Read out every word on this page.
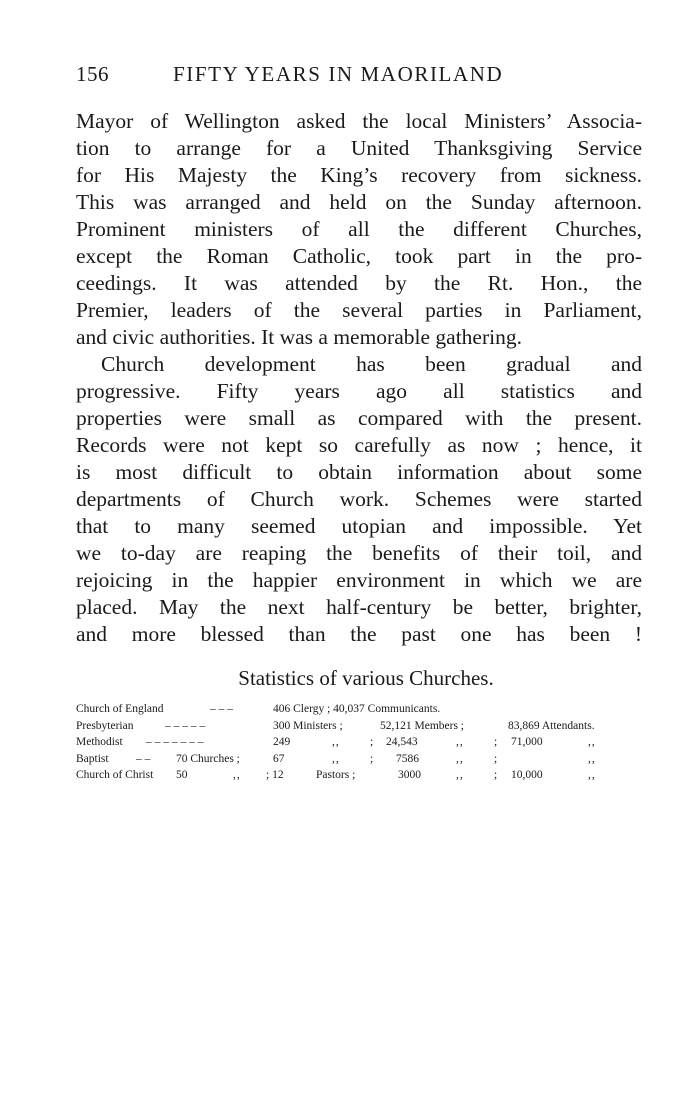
156	FIFTY YEARS IN MAORILAND
Mayor of Wellington asked the local Ministers’ Associa-
tion to arrange for a United Thanksgiving Service
for His Majesty the King’s recovery from sickness.
This was arranged and held on the Sunday afternoon.
Prominent ministers of all the different Churches,
except the Roman Catholic, took part in the pro-
ceedings. It was attended by the Rt. Hon., the
Premier, leaders of the several parties in Parliament,
and civic authorities. It was a memorable gathering.
Church development has been gradual and
progressive. Fifty years ago all statistics and
properties were small as compared with the present.
Records were not kept so carefully as now ; hence, it
is most difficult to obtain information about some
departments of Church work. Schemes were started
that to many seemed utopian and impossible. Yet
we to-day are reaping the benefits of their toil, and
rejoicing in the happier environment in which we are
placed. May the next half-century be better, brighter,
and more blessed than the past one has been !
Statistics of various Churches.
Church of England	– – –	406 Clergy ; 40,037 Communicants.
Presbyterian	– – – – –	300 Ministers ;	52,121 Members ;	83,869 Attendants.
Methodist – – – – – – –	249	,,	; 24,543	,,	; 71,000	,,
Baptist – – 70 Churches ;	67	,,	; 7586	,,	;	,,
Church of Christ 50	,, ; 12	Pastors ;	3000	,,	; 10,000	,,
